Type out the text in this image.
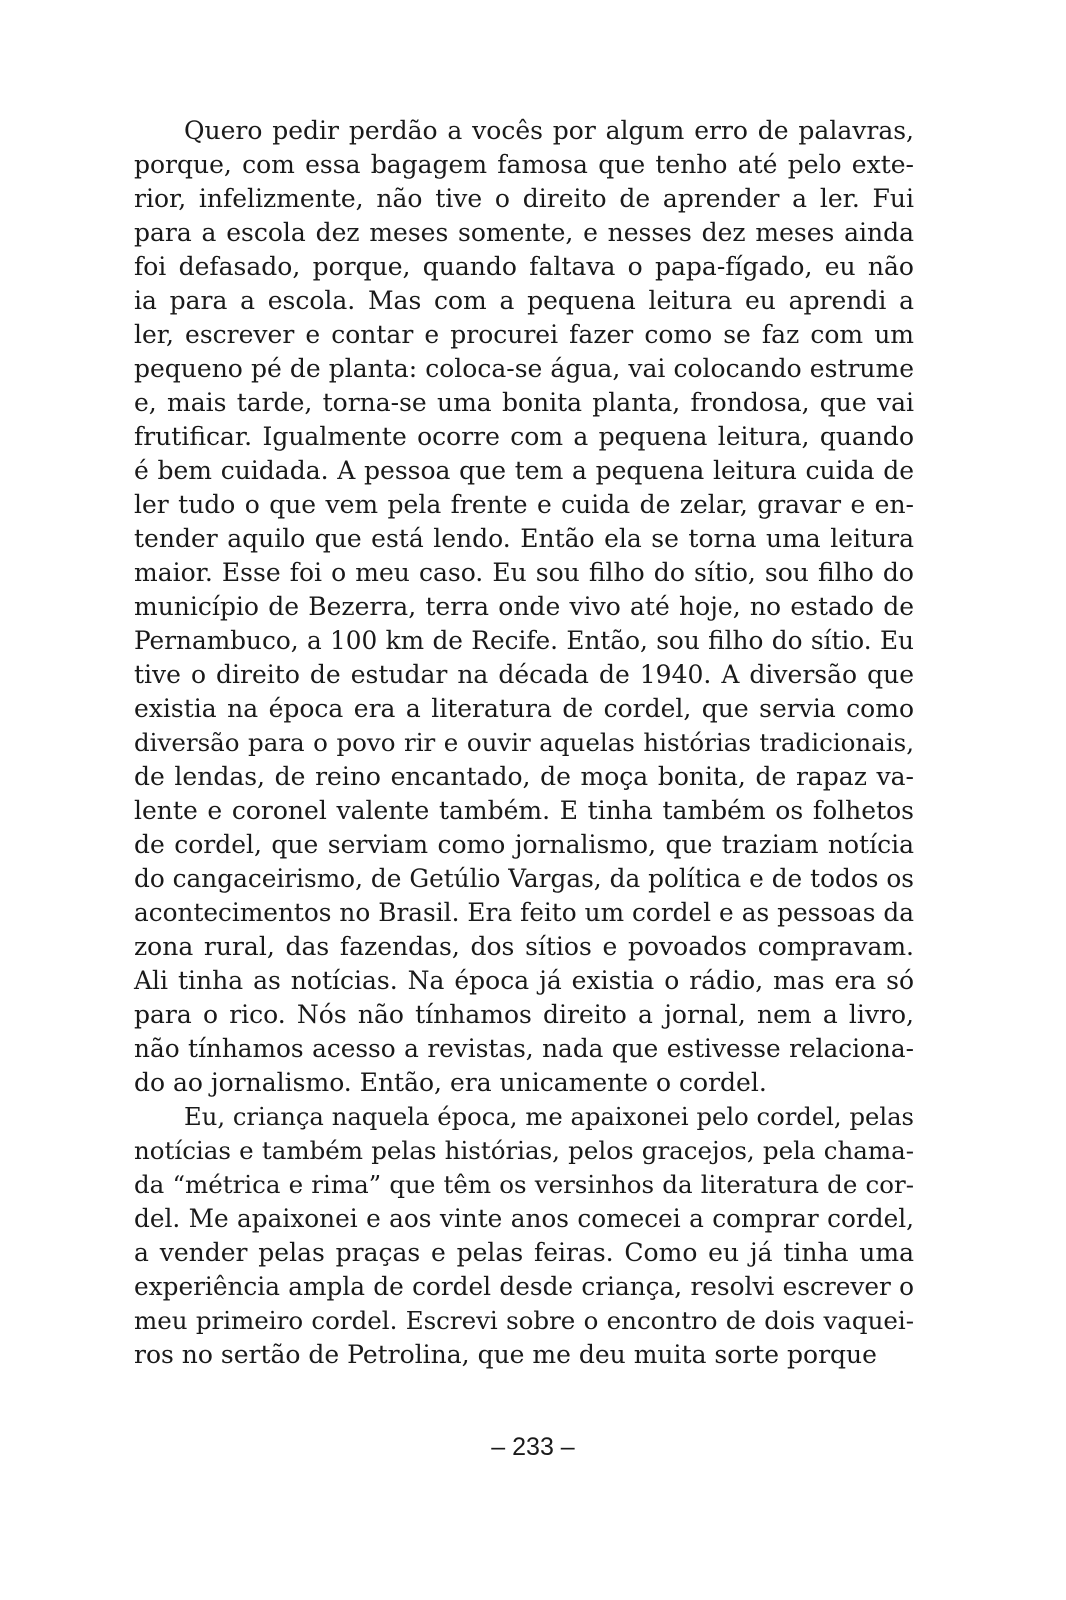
Quero pedir perdão a vocês por algum erro de palavras,
porque, com essa bagagem famosa que tenho até pelo exte-
rior, infelizmente, não tive o direito de aprender a ler. Fui
para a escola dez meses somente, e nesses dez meses ainda
foi defasado, porque, quando faltava o papa-fígado, eu não
ia para a escola. Mas com a pequena leitura eu aprendi a
ler, escrever e contar e procurei fazer como se faz com um
pequeno pé de planta: coloca-se água, vai colocando estrume
e, mais tarde, torna-se uma bonita planta, frondosa, que vai
frutificar. Igualmente ocorre com a pequena leitura, quando
é bem cuidada. A pessoa que tem a pequena leitura cuida de
ler tudo o que vem pela frente e cuida de zelar, gravar e en-
tender aquilo que está lendo. Então ela se torna uma leitura
maior. Esse foi o meu caso. Eu sou filho do sítio, sou filho do
município de Bezerra, terra onde vivo até hoje, no estado de
Pernambuco, a 100 km de Recife. Então, sou filho do sítio. Eu
tive o direito de estudar na década de 1940. A diversão que
existia na época era a literatura de cordel, que servia como
diversão para o povo rir e ouvir aquelas histórias tradicionais,
de lendas, de reino encantado, de moça bonita, de rapaz va-
lente e coronel valente também. E tinha também os folhetos
de cordel, que serviam como jornalismo, que traziam notícia
do cangaceirismo, de Getúlio Vargas, da política e de todos os
acontecimentos no Brasil. Era feito um cordel e as pessoas da
zona rural, das fazendas, dos sítios e povoados compravam.
Ali tinha as notícias. Na época já existia o rádio, mas era só
para o rico. Nós não tínhamos direito a jornal, nem a livro,
não tínhamos acesso a revistas, nada que estivesse relaciona-
do ao jornalismo. Então, era unicamente o cordel.
Eu, criança naquela época, me apaixonei pelo cordel, pelas
notícias e também pelas histórias, pelos gracejos, pela chama-
da “métrica e rima” que têm os versinhos da literatura de cor-
del. Me apaixonei e aos vinte anos comecei a comprar cordel,
a vender pelas praças e pelas feiras. Como eu já tinha uma
experiência ampla de cordel desde criança, resolvi escrever o
meu primeiro cordel. Escrevi sobre o encontro de dois vaquei-
ros no sertão de Petrolina, que me deu muita sorte porque
– 233 –
